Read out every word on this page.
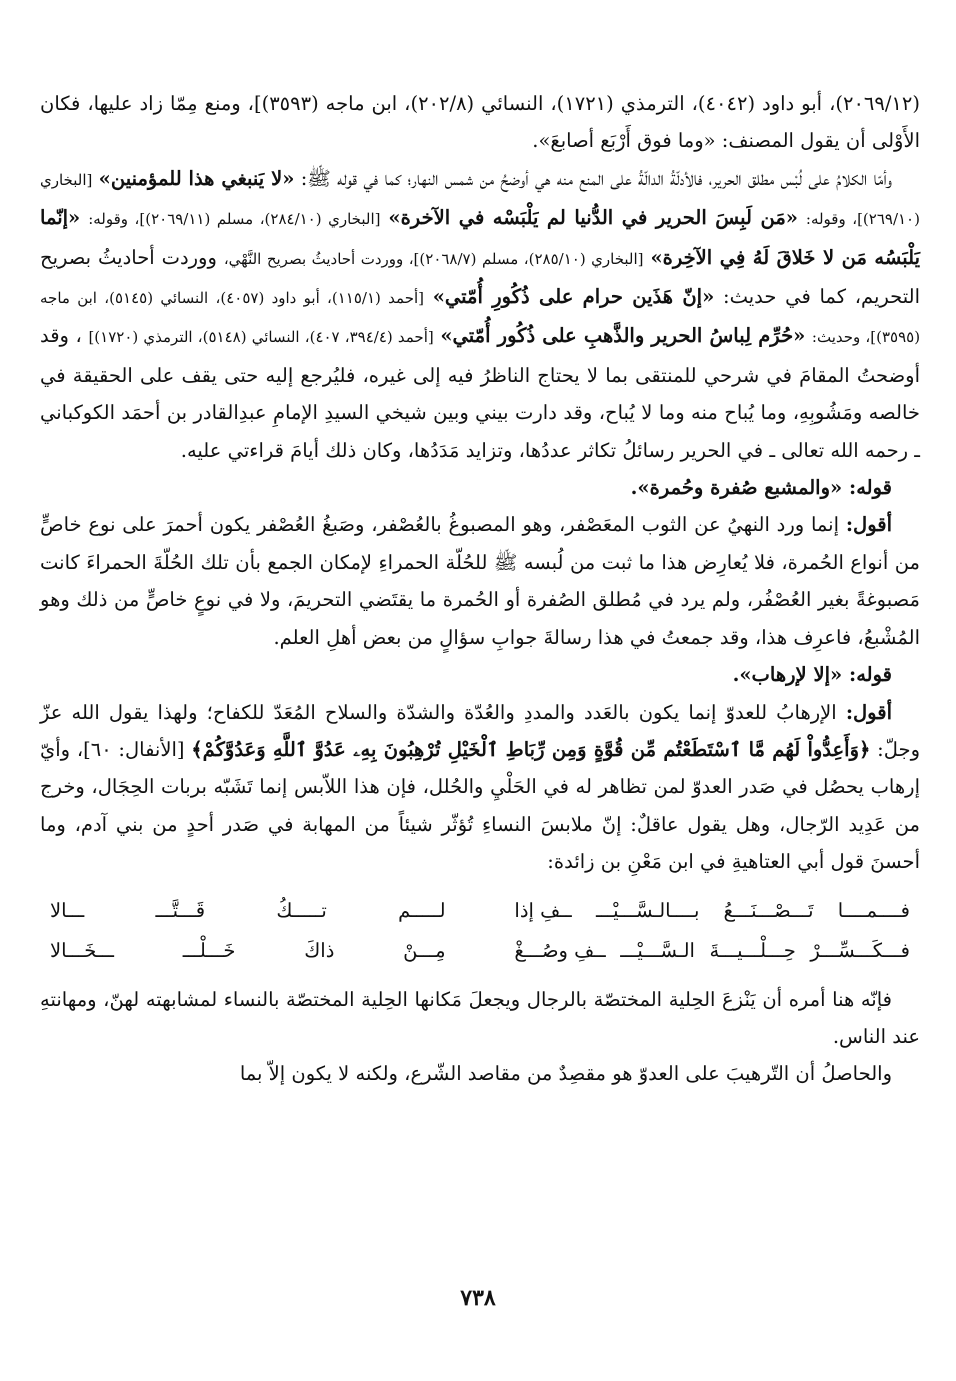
(٢٠٦٩/١٢)، أبو داود (٤٠٤٢)، الترمذي (١٧٢١)، النسائي (٢٠٢/٨)، ابن ماجه (٣٥٩٣)]، ومنع مِمّا زاد عليها، فكان الأَوْلى أن يقول المصنف: «وما فوق أَرْبَع أصابعَ».

وأمّا الكلامُ على لُبْس مطلق الحرير، فالأدلّةُ الدالّةُ على المنع منه هي أوضحُ من شمس النهار؛ كما في قوله ﷺ: «لا يَنبغي هذا للمؤمنين» [البخاري (٢٦٩/١٠)]، وقوله: «مَن لَبِسَ الحرير في الدُّنيا لم يَلْبَسْه في الآخرة» [البخاري (٢٨٤/١٠)، مسلم (٢٠٦٩/١١)]، وقوله: «إنّما يَلْبَسُه مَن لا خَلاقَ لَهُ فِي الآخِرة» [البخاري (٢٨٥/١٠)، مسلم (٢٠٦٨/٧)]، ووردت أحاديثُ بصريح النَّهْي، ووردت أحاديثُ بصريح التحريم، كما في حديث: «إنّ هَذَين حرام على ذُكُورِ أُمّتي» [أحمد (١١٥/١)، أبو داود (٤٠٥٧)، النسائي (٥١٤٥)، ابن ماجه (٣٥٩٥)]، وحديث: «حُرِّم لِباسُ الحرير والذَّهبِ على ذُكُور أُمّتي» [أحمد (٣٩٤/٤، ٤٠٧)، النسائي (٥١٤٨)، الترمذي (١٧٢٠)] ، وقد أوضحتُ المقامَ في شرحي للمنتقى بما لا يحتاج الناظرُ فيه إلى غيره، فليُرجع إليه حتى يقف على الحقيقة في خالصه ومَشُوبِهِ، وما يُباح منه وما لا يُباح، وقد دارت بيني وبين شيخي السيدِ الإمامِ عبدِالقادر بن أحمَد الكوكباني ـ رحمه الله تعالى ـ في الحرير رسائلُ تكاثر عددُها، وتزايد مَدَدُها، وكان ذلك أيامَ قراءتي عليه.

قوله: «والمشبع صُفرة وحُمرة».

أقول: إنما ورد النهيُ عن الثوب المعَصْفر، وهو المصبوغُ بالعُصْفر، وصَبغُ العُصْفر يكون أحمرَ على نوع خاصٍّ من أنواع الحُمرة، فلا يُعارِض هذا ما ثبت من لُبسه ﷺ للحُلّة الحمراءِ لإمكان الجمع بأن تلك الحُلّةَ الحمراءَ كانت مَصبوغةً بغير العُصْفُر، ولم يرد في مُطلق الصُفرة أو الحُمرة ما يقتَضي التحريمَ، ولا في نوعٍ خاصٍّ من ذلك وهو المُشْبعُ، فاعرِف هذا، وقد جمعتُ في هذا رسالةَ جوابِ سؤالٍ من بعض أهلِ العلم.

قوله: «إلا لإرهاب».

أقول: الإرهابُ للعدوّ إنما يكون بالعَدد والمددِ والعُدّة والشدّة والسلاح المُعَدّ للكفاح؛ ولهذا يقول الله عزّ وجلّ: ﴿وَأَعِدُّواْ لَهُم مَّا ٱسْتَطَعْتُم مِّن قُوَّةٍ وَمِن رِّبَاطِ ٱلْخَيْلِ تُرْهِبُونَ بِهِۦ عَدُوَّ ٱللَّهِ وَعَدُوَّكُمْ﴾ [الأنفال: ٦٠]، وأيّ إرهاب يحصُل في صَدر العدوّ لمن تظاهر له في الحَلْيِ والحُلل، فإن هذا اللاّبس إنما تَشَبّه بربات الحِجَال، وخرج من عَدِيد الرّجال، وهل يقول عاقلٌ: إنّ ملابسَ النساءِ تُؤثّر شيئاً من المهابة في صَدر أحدٍ من بني آدم، وما أحسنَ قول أبي العتاهيةِ في ابن مَعْنِ بن زائدة:

فــــمــــا
تَـــصْـــنَـــعُ
بــــالـسَّـــيْـــ
ــفِ إذا
لـــــم
تـــــكُ
قَـــتَّـــ
ـــالا
فـــكَـــسِّـــرْ
حِـــلْـــيـــةَ
الـسَّـــيْـــ
ــفِ وصُـــغْ
مِـــنْ
ذاكَ
خَـــلْـــ
ـــخَـــالا

فإنّه هنا أمره أن يَنْزعَ الحِلية المختصّة بالرجال ويجعلَ مَكانها الحِلية المختصّة بالنساء لمشابهته لهنّ، ومهانتهِ عند الناس.

والحاصلُ أن التّرهيبَ على العدوّ هو مقصِدٌ من مقاصد الشّرع، ولكنه لا يكون إلاّ بما

٧٣٨
